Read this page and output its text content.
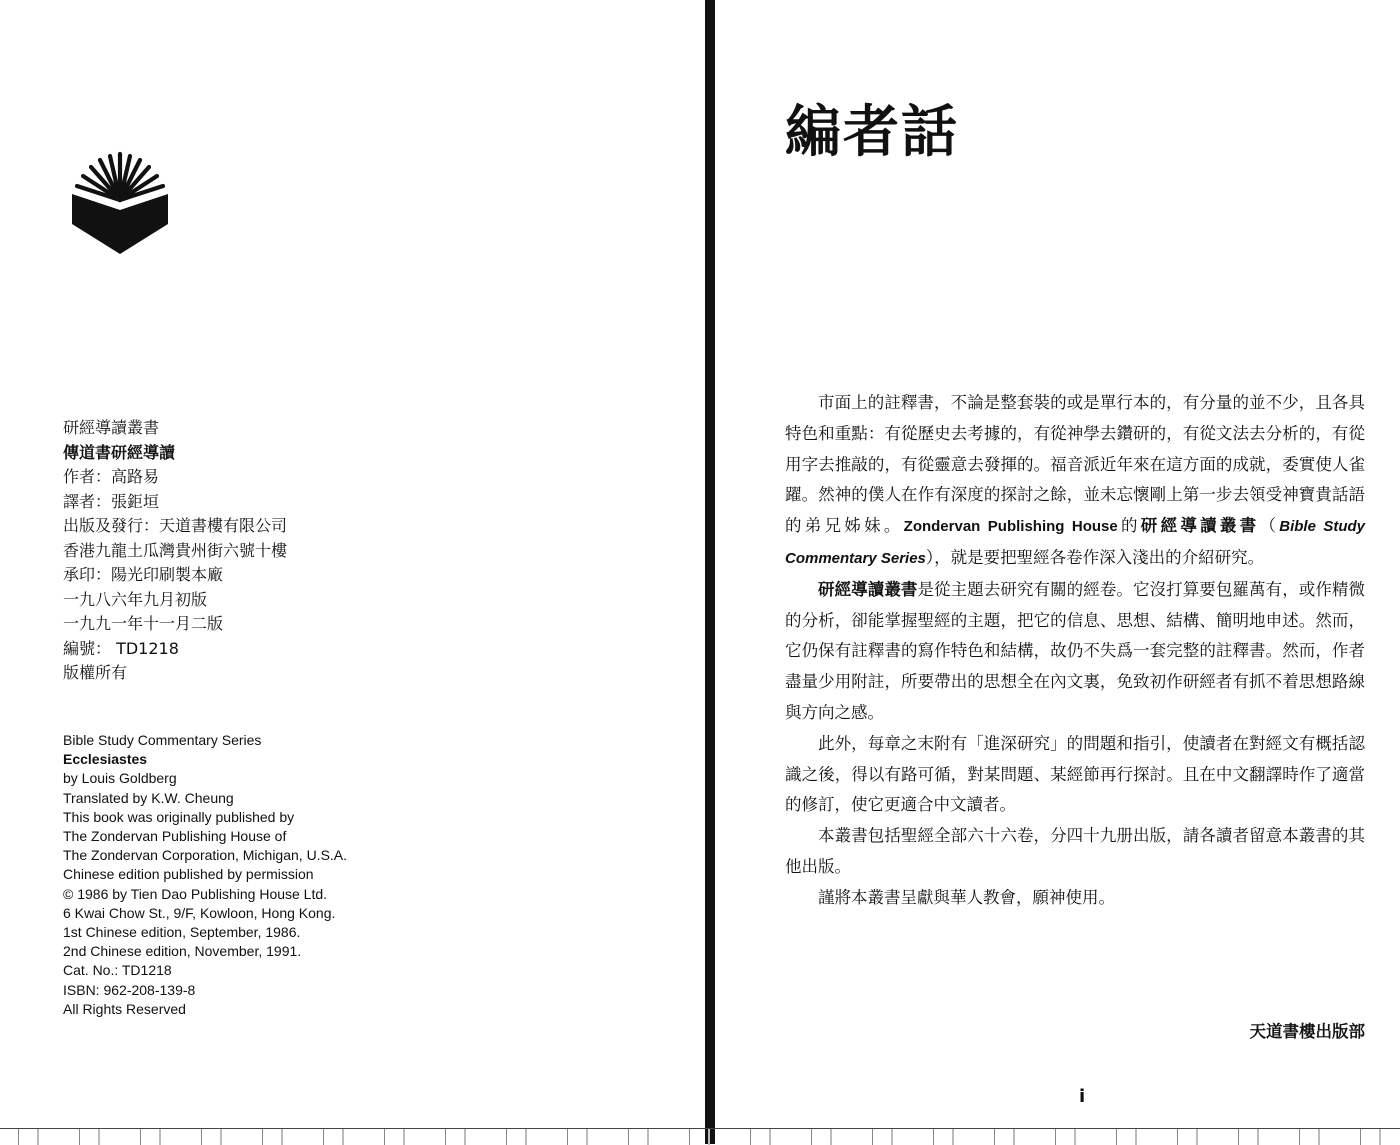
研經導讀叢書
傳道書研經導讀
作者：高路易
譯者：張鉅垣
出版及發行：天道書樓有限公司
香港九龍土瓜灣貴州街六號十樓
承印：陽光印刷製本廠
一九八六年九月初版
一九九一年十一月二版
編號： TD1218
版權所有
Bible Study Commentary Series
Ecclesiastes
by Louis Goldberg
Translated by K.W. Cheung
This book was originally published by
The Zondervan Publishing House of
The Zondervan Corporation, Michigan, U.S.A.
Chinese edition published by permission
© 1986 by Tien Dao Publishing House Ltd.
6 Kwai Chow St., 9/F, Kowloon, Hong Kong.
1st Chinese edition, September, 1986.
2nd Chinese edition, November, 1991.
Cat. No.: TD1218
ISBN: 962-208-139-8
All Rights Reserved
編者話

市面上的註釋書，不論是整套裝的或是單行本的，有分量的並不少，且各具特色和重點：有從歷史去考據的，有從神學去鑽研的，有從文法去分析的，有從用字去推敲的，有從靈意去發揮的。福音派近年來在這方面的成就，委實使人雀躍。然神的僕人在作有深度的探討之餘，並未忘懷剛上第一步去領受神寶貴話語的弟兄姊妹。Zondervan Publishing House的研經導讀叢書（Bible Study Commentary Series），就是要把聖經各卷作深入淺出的介紹研究。

研經導讀叢書是從主題去研究有關的經卷。它沒打算要包羅萬有，或作精微的分析，卻能掌握聖經的主題，把它的信息、思想、結構、簡明地申述。然而，它仍保有註釋書的寫作特色和結構，故仍不失爲一套完整的註釋書。然而，作者盡量少用附註，所要帶出的思想全在內文裏，免致初作研經者有抓不着思想路線與方向之感。

此外，每章之末附有「進深研究」的問題和指引，使讀者在對經文有概括認識之後，得以有路可循，對某問題、某經節再行探討。且在中文翻譯時作了適當的修訂，使它更適合中文讀者。

本叢書包括聖經全部六十六卷，分四十九册出版，請各讀者留意本叢書的其他出版。

謹將本叢書呈獻與華人教會，願神使用。

天道書樓出版部
i
